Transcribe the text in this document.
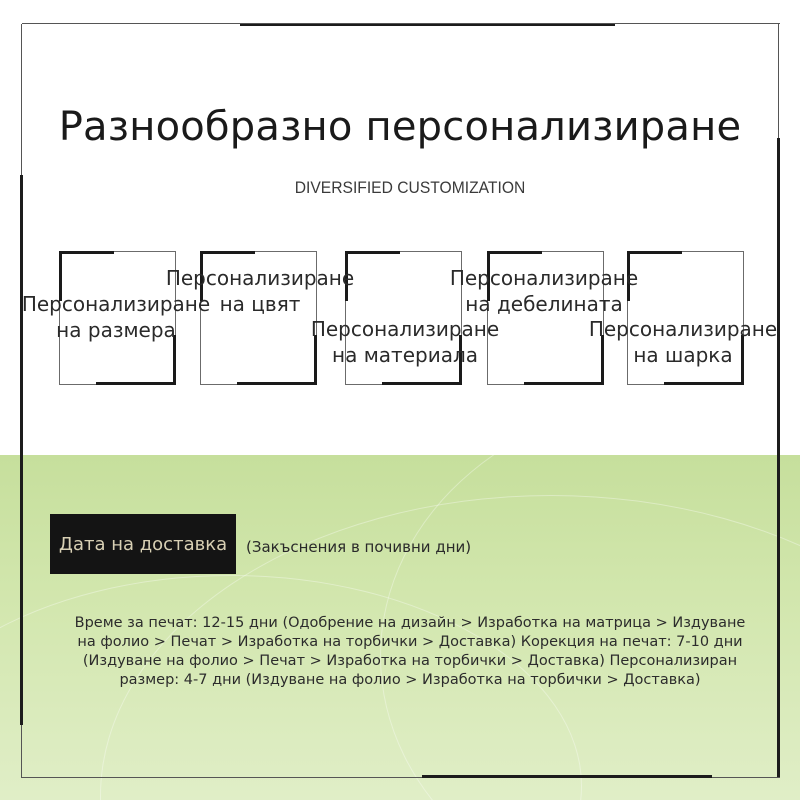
Разнообразно персонализиране
DIVERSIFIED CUSTOMIZATION
Персонализиране
на размера
Персонализиране
на цвят
Персонализиране
на материала
Персонализиране
на дебелината
Персонализиране
на шарка
Дата на доставка	(Закъснения в почивни дни)
Време за печат: 12-15 дни (Одобрение на дизайн > Изработка на матрица > Издуване
на фолио > Печат > Изработка на торбички > Доставка) Корекция на печат: 7-10 дни
(Издуване на фолио > Печат > Изработка на торбички > Доставка) Персонализиран
размер: 4-7 дни (Издуване на фолио > Изработка на торбички > Доставка)
